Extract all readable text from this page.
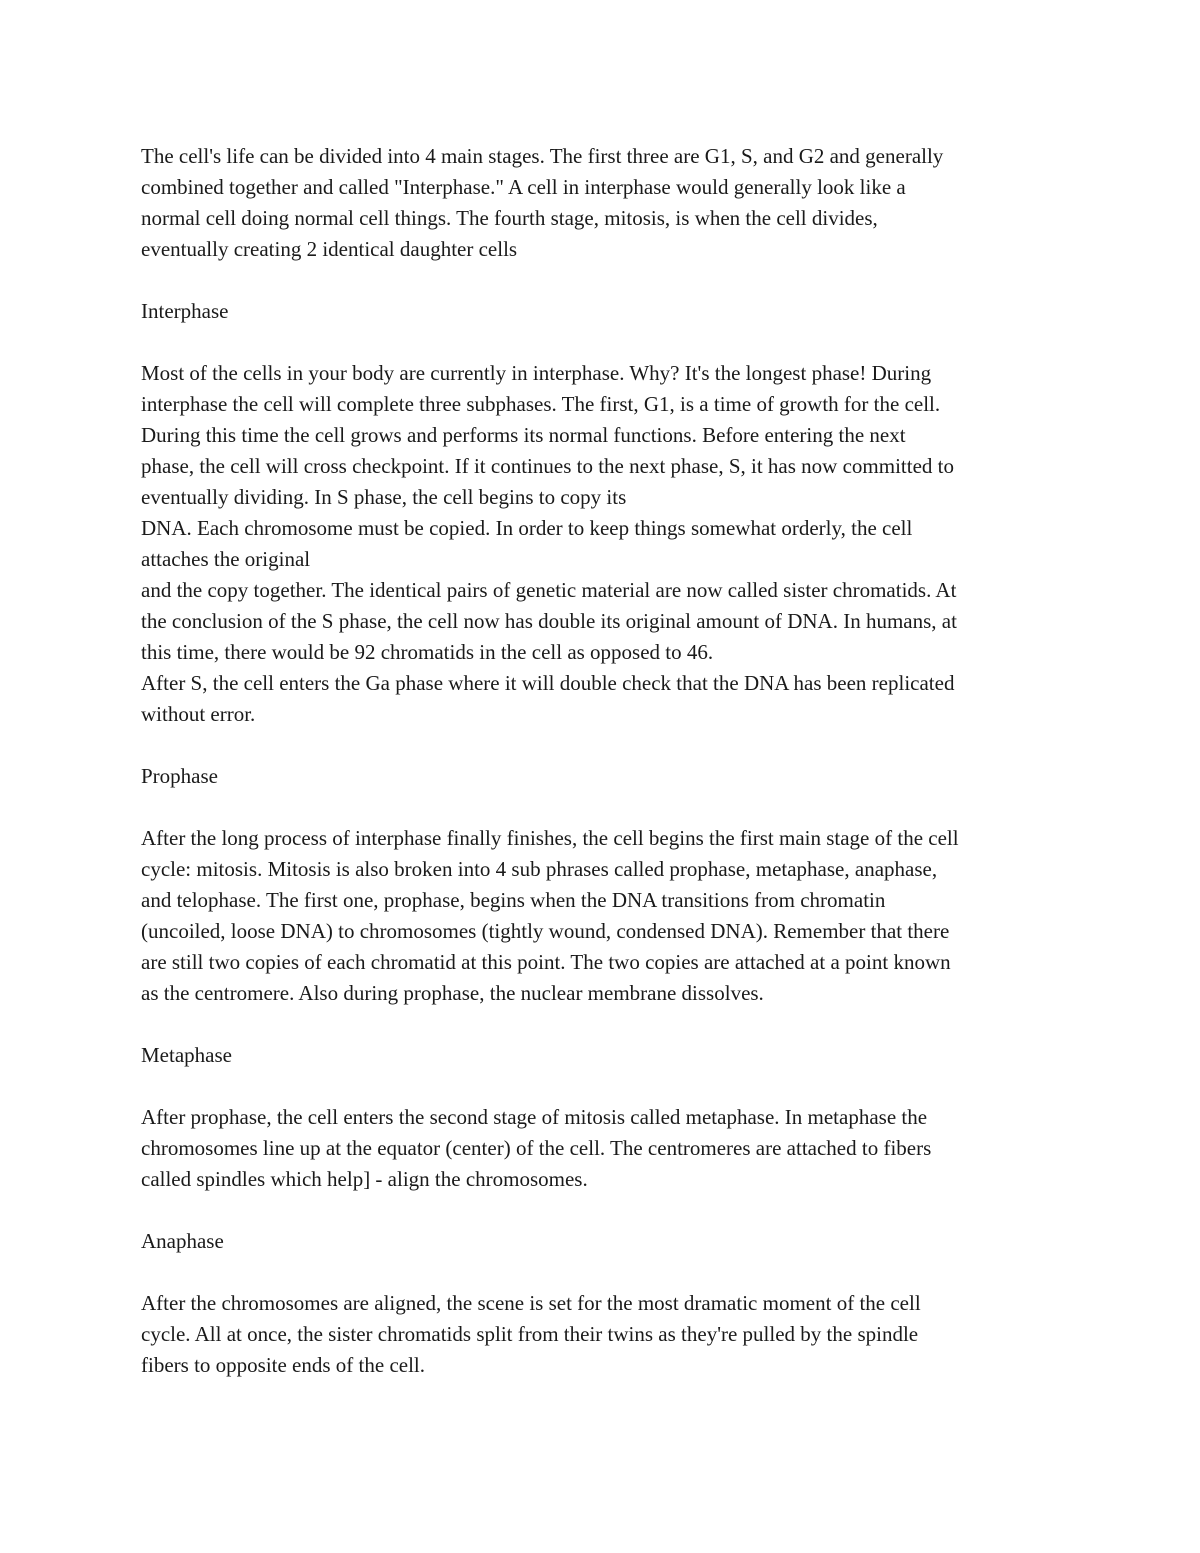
The cell's life can be divided into 4 main stages. The first three are G1, S, and G2 and generally
combined together and called "Interphase." A cell in interphase would generally look like a
normal cell doing normal cell things. The fourth stage, mitosis, is when the cell divides,
eventually creating 2 identical daughter cells
Interphase
Most of the cells in your body are currently in interphase. Why? It's the longest phase! During
interphase the cell will complete three subphases. The first, G1, is a time of growth for the cell.
During this time the cell grows and performs its normal functions. Before entering the next
phase, the cell will cross checkpoint. If it continues to the next phase, S, it has now committed to
eventually dividing. In S phase, the cell begins to copy its
DNA. Each chromosome must be copied. In order to keep things somewhat orderly, the cell
attaches the original
and the copy together. The identical pairs of genetic material are now called sister chromatids. At
the conclusion of the S phase, the cell now has double its original amount of DNA. In humans, at
this time, there would be 92 chromatids in the cell as opposed to 46.
After S, the cell enters the Ga phase where it will double check that the DNA has been replicated
without error.
Prophase
After the long process of interphase finally finishes, the cell begins the first main stage of the cell
cycle: mitosis. Mitosis is also broken into 4 sub phrases called prophase, metaphase, anaphase,
and telophase. The first one, prophase, begins when the DNA transitions from chromatin
(uncoiled, loose DNA) to chromosomes (tightly wound, condensed DNA). Remember that there
are still two copies of each chromatid at this point. The two copies are attached at a point known
as the centromere. Also during prophase, the nuclear membrane dissolves.
Metaphase
After prophase, the cell enters the second stage of mitosis called metaphase. In metaphase the
chromosomes line up at the equator (center) of the cell. The centromeres are attached to fibers
called spindles which help] - align the chromosomes.
Anaphase
After the chromosomes are aligned, the scene is set for the most dramatic moment of the cell
cycle. All at once, the sister chromatids split from their twins as they're pulled by the spindle
fibers to opposite ends of the cell.
